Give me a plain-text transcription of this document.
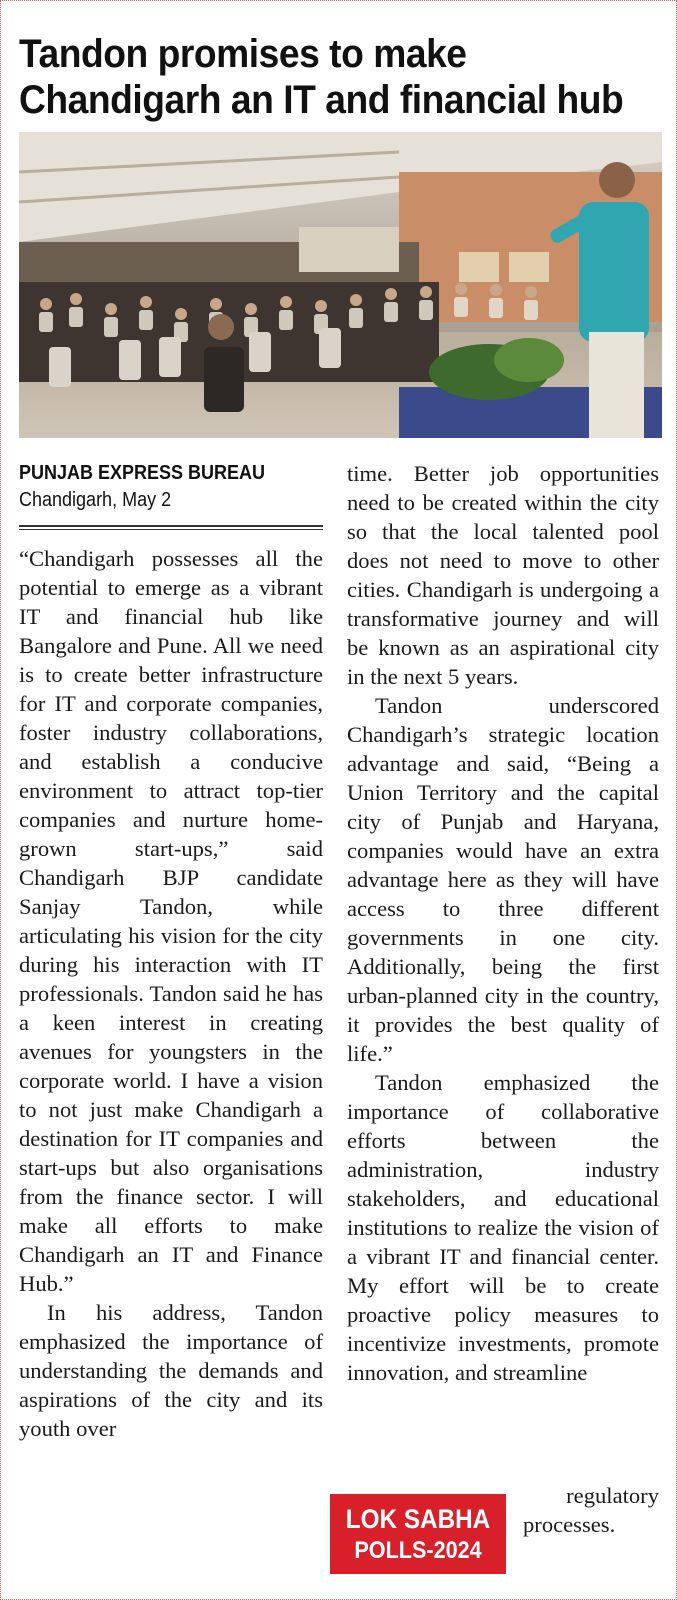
Tandon promises to make Chandigarh an IT and financial hub
PUNJAB EXPRESS BUREAU
Chandigarh, May 2

“Chandigarh possesses all the potential to emerge as a vibrant IT and financial hub like Bangalore and Pune. All we need is to create better infrastructure for IT and corporate companies, foster industry collaborations, and establish a conducive environment to attract top-tier companies and nurture home-grown start-ups,” said Chandigarh BJP candidate Sanjay Tandon, while articulating his vision for the city during his interaction with IT professionals. Tandon said he has a keen interest in creating avenues for youngsters in the corporate world. I have a vision to not just make Chandigarh a destination for IT companies and start-ups but also organisations from the finance sector. I will make all efforts to make Chandigarh an IT and Finance Hub.”

In his address, Tandon emphasized the importance of understanding the demands and aspirations of the city and its youth over

time. Better job opportunities need to be created within the city so that the local talented pool does not need to move to other cities. Chandigarh is undergoing a transformative journey and will be known as an aspirational city in the next 5 years.

Tandon underscored Chandigarh’s strategic location advantage and said, “Being a Union Territory and the capital city of Punjab and Haryana, companies would have an extra advantage here as they will have access to three different governments in one city. Additionally, being the first urban-planned city in the country, it provides the best quality of life.”

Tandon emphasized the importance of collaborative efforts between the administration, industry stakeholders, and educational institutions to realize the vision of a vibrant IT and financial center. My effort will be to create proactive policy measures to incentivize investments, promote innovation, and streamline

regulatory
processes.
LOK SABHA
POLLS-2024
